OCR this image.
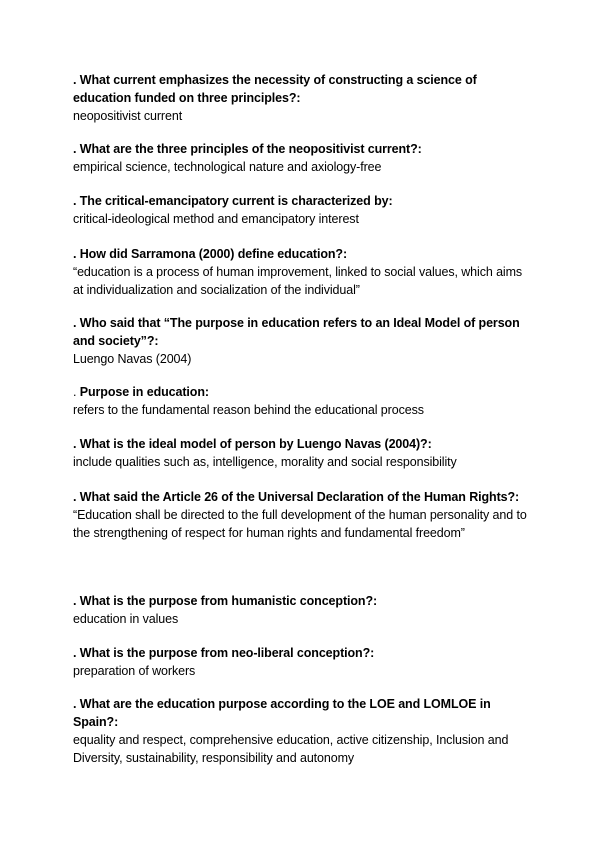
. What current emphasizes the necessity of constructing a science of education funded on three principles?:
neopositivist current
. What are the three principles of the neopositivist current?:
empirical science, technological nature and axiology-free
. The critical-emancipatory current is characterized by:
critical-ideological method and emancipatory interest
. How did Sarramona (2000) define education?:
“education is a process of human improvement, linked to social values, which aims at individualization and socialization of the individual”
. Who said that “The purpose in education refers to an Ideal Model of person and society”?:
Luengo Navas (2004)
. Purpose in education:
refers to the fundamental reason behind the educational process
. What is the ideal model of person by Luengo Navas (2004)?:
include qualities such as, intelligence, morality and social responsibility
. What said the Article 26 of the Universal Declaration of the Human Rights?:
“Education shall be directed to the full development of the human personality and to the strengthening of respect for human rights and fundamental freedom”
. What is the purpose from humanistic conception?:
education in values
. What is the purpose from neo-liberal conception?:
preparation of workers
. What are the education purpose according to the LOE and LOMLOE in Spain?:
equality and respect, comprehensive education, active citizenship, Inclusion and Diversity, sustainability, responsibility and autonomy
